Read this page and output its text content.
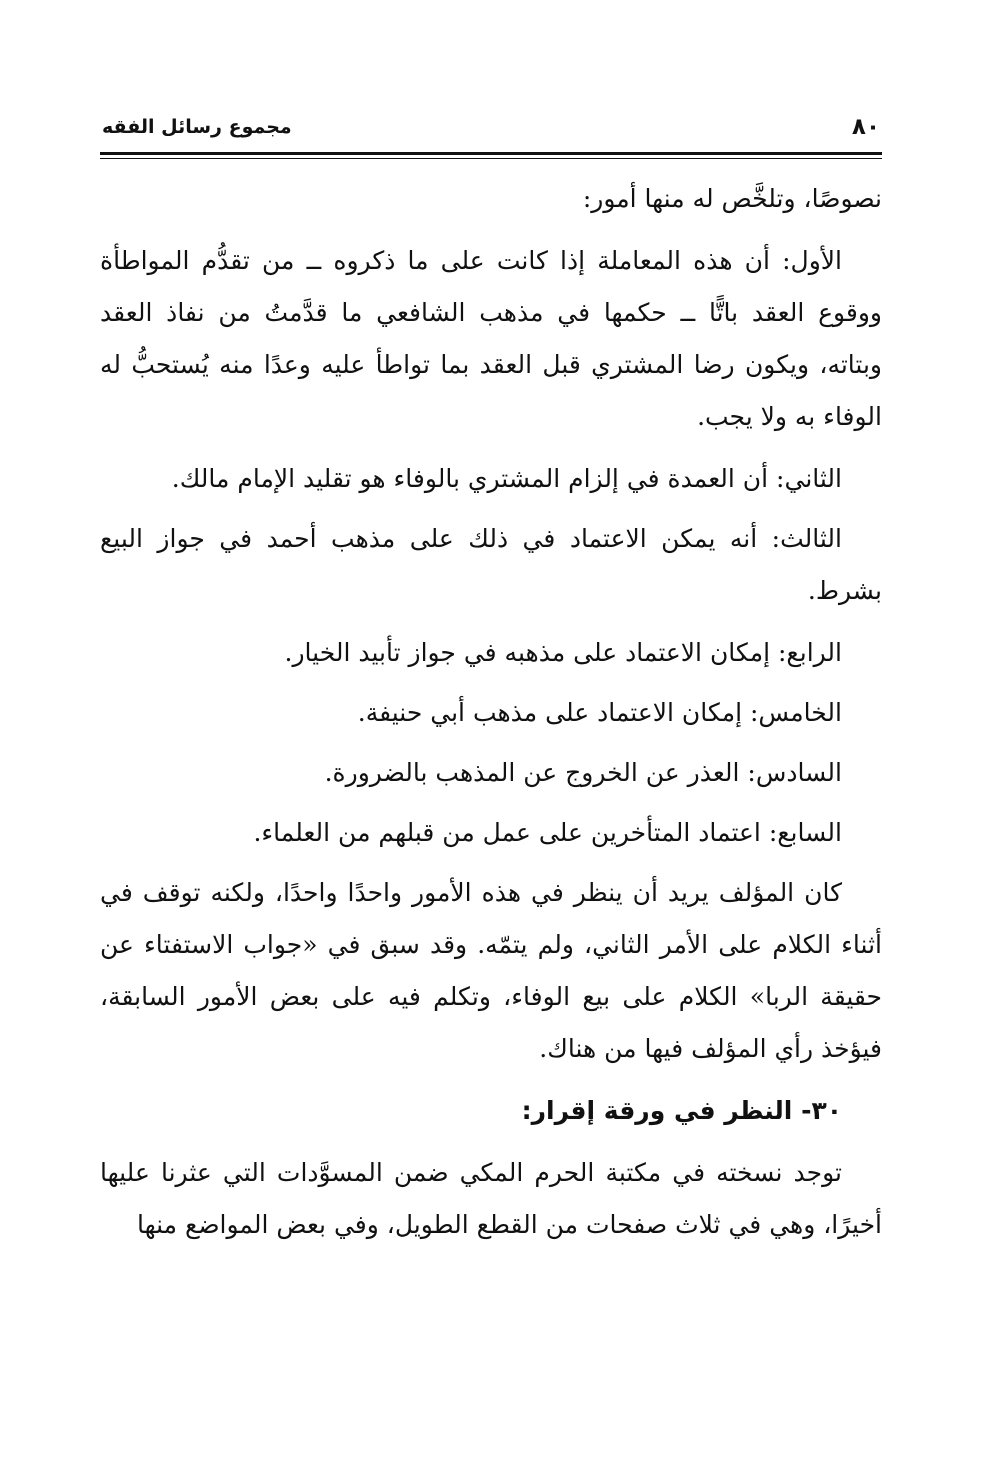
٨٠
مجموع رسائل الفقه

نصوصًا، وتلخَّص له منها أمور:

الأول: أن هذه المعاملة إذا كانت على ما ذكروه ــ من تقدُّم المواطأة ووقوع العقد باتًّا ــ حكمها في مذهب الشافعي ما قدَّمتُ من نفاذ العقد وبتاته، ويكون رضا المشتري قبل العقد بما تواطأ عليه وعدًا منه يُستحبُّ له الوفاء به ولا يجب.

الثاني: أن العمدة في إلزام المشتري بالوفاء هو تقليد الإمام مالك.

الثالث: أنه يمكن الاعتماد في ذلك على مذهب أحمد في جواز البيع بشرط.

الرابع: إمكان الاعتماد على مذهبه في جواز تأبيد الخيار.

الخامس: إمكان الاعتماد على مذهب أبي حنيفة.

السادس: العذر عن الخروج عن المذهب بالضرورة.

السابع: اعتماد المتأخرين على عمل من قبلهم من العلماء.

كان المؤلف يريد أن ينظر في هذه الأمور واحدًا واحدًا، ولكنه توقف في أثناء الكلام على الأمر الثاني، ولم يتمّه. وقد سبق في «جواب الاستفتاء عن حقيقة الربا» الكلام على بيع الوفاء، وتكلم فيه على بعض الأمور السابقة، فيؤخذ رأي المؤلف فيها من هناك.

٣٠- النظر في ورقة إقرار:

توجد نسخته في مكتبة الحرم المكي ضمن المسوَّدات التي عثرنا عليها أخيرًا، وهي في ثلاث صفحات من القطع الطويل، وفي بعض المواضع منها
